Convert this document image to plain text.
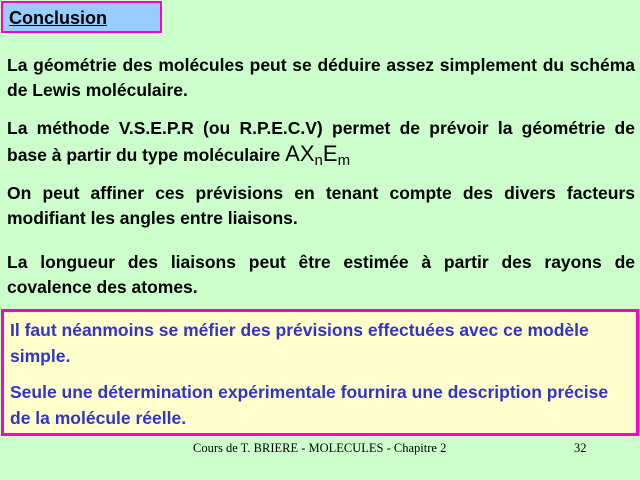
Conclusion

La géométrie des molécules peut se déduire assez simplement du schéma de Lewis moléculaire.

La méthode V.S.E.P.R (ou R.P.E.C.V) permet de prévoir la géométrie de base à partir du type moléculaire $AX_nE_m$

On peut affiner ces prévisions en tenant compte des divers facteurs modifiant les angles entre liaisons.

La longueur des liaisons peut être estimée à partir des rayons de covalence des atomes.

Il faut néanmoins se méfier des prévisions effectuées avec ce modèle simple.

Seule une détermination expérimentale fournira une description précise de la molécule réelle.

Cours de T. BRIERE - MOLECULES - Chapitre 2	32
